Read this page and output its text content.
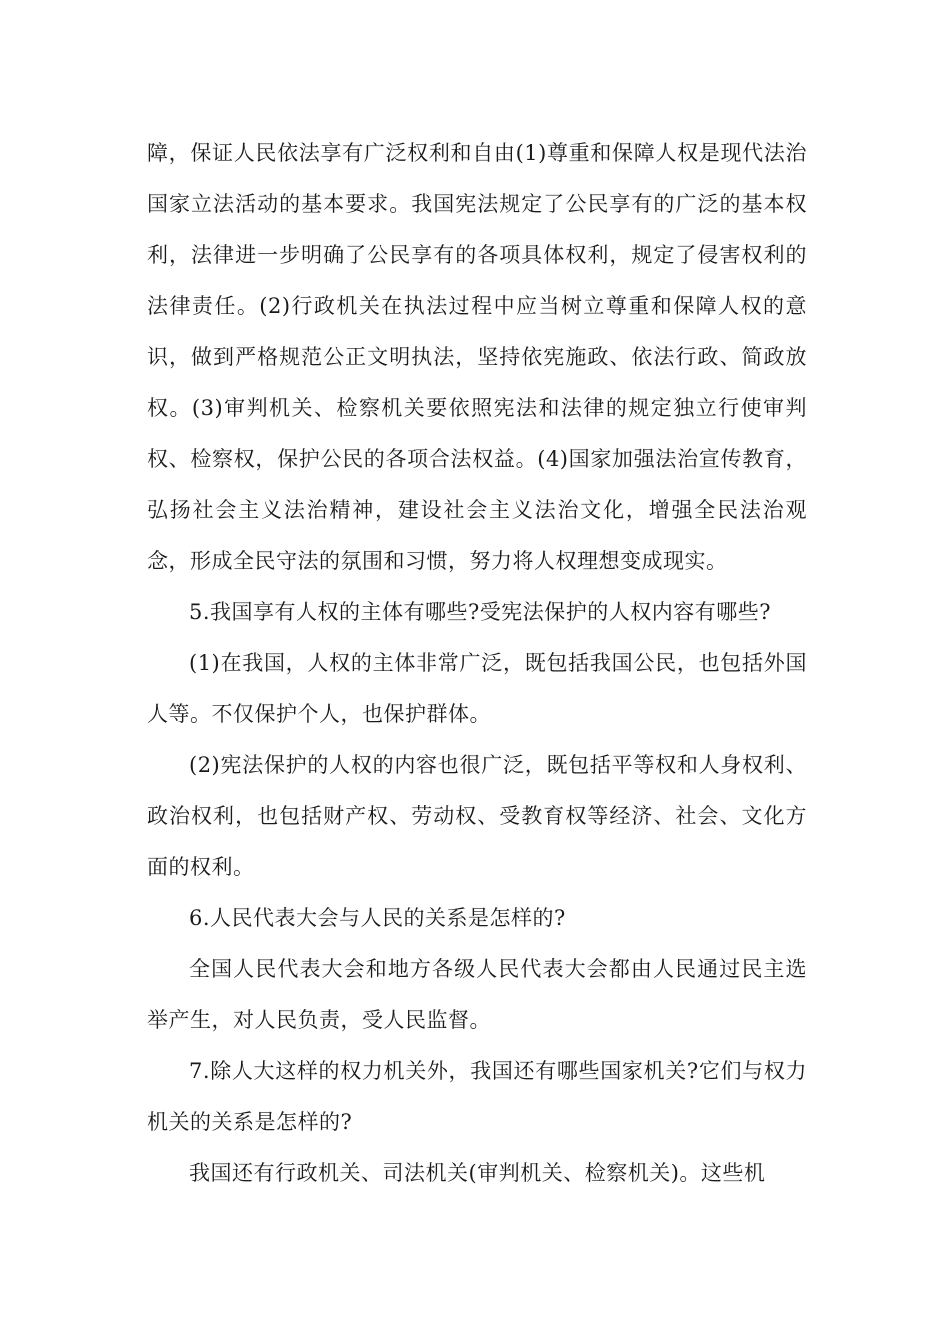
障，保证人民依法享有广泛权利和自由(1)尊重和保障人权是现代法治国家立法活动的基本要求。我国宪法规定了公民享有的广泛的基本权利，法律进一步明确了公民享有的各项具体权利，规定了侵害权利的法律责任。(2)行政机关在执法过程中应当树立尊重和保障人权的意识，做到严格规范公正文明执法，坚持依宪施政、依法行政、简政放权。(3)审判机关、检察机关要依照宪法和法律的规定独立行使审判权、检察权，保护公民的各项合法权益。(4)国家加强法治宣传教育，弘扬社会主义法治精神，建设社会主义法治文化，增强全民法治观念，形成全民守法的氛围和习惯，努力将人权理想变成现实。

5.我国享有人权的主体有哪些?受宪法保护的人权内容有哪些?

(1)在我国，人权的主体非常广泛，既包括我国公民，也包括外国人等。不仅保护个人，也保护群体。

(2)宪法保护的人权的内容也很广泛，既包括平等权和人身权利、政治权利，也包括财产权、劳动权、受教育权等经济、社会、文化方面的权利。

6.人民代表大会与人民的关系是怎样的?

全国人民代表大会和地方各级人民代表大会都由人民通过民主选举产生，对人民负责，受人民监督。

7.除人大这样的权力机关外，我国还有哪些国家机关?它们与权力机关的关系是怎样的?

我国还有行政机关、司法机关(审判机关、检察机关)。这些机
